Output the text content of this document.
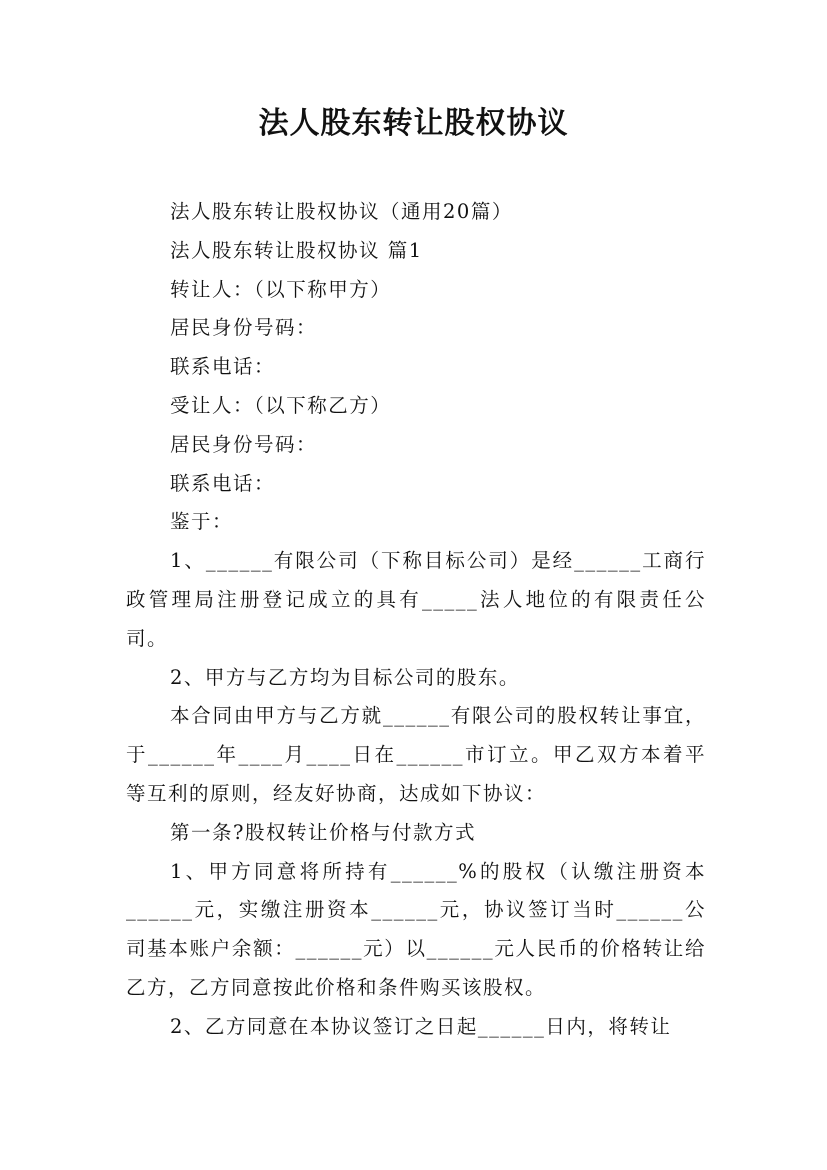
法人股东转让股权协议

法人股东转让股权协议（通用20篇）

法人股东转让股权协议 篇1

转让人：（以下称甲方）

居民身份号码：

联系电话：

受让人：（以下称乙方）

居民身份号码：

联系电话：

鉴于：

1、______有限公司（下称目标公司）是经______工商行政管理局注册登记成立的具有_____法人地位的有限责任公司。

2、甲方与乙方均为目标公司的股东。

本合同由甲方与乙方就______有限公司的股权转让事宜，于______年____月____日在______市订立。甲乙双方本着平等互利的原则，经友好协商，达成如下协议：

第一条?股权转让价格与付款方式

1、甲方同意将所持有______%的股权（认缴注册资本______元，实缴注册资本______元，协议签订当时______公司基本账户余额：______元）以______元人民币的价格转让给乙方，乙方同意按此价格和条件购买该股权。

2、乙方同意在本协议签订之日起______日内，将转让
